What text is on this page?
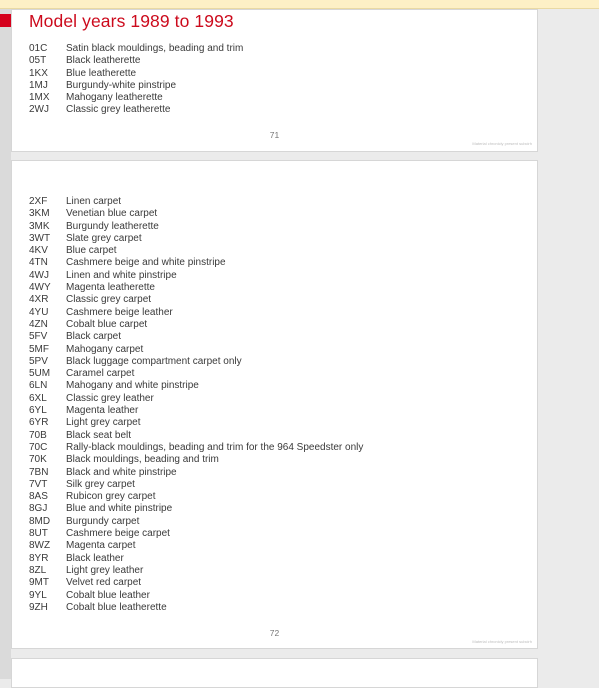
Model years 1989 to 1993
01C Satin black mouldings, beading and trim
05T Black leatherette
1KX Blue leatherette
1MJ Burgundy-white pinstripe
1MX Mahogany leatherette
2WJ Classic grey leatherette
71
Material chronicly present subcirh
2XF Linen carpet
3KM Venetian blue carpet
3MK Burgundy leatherette
3WT Slate grey carpet
4KV Blue carpet
4TN Cashmere beige and white pinstripe
4WJ Linen and white pinstripe
4WY Magenta leatherette
4XR Classic grey carpet
4YU Cashmere beige leather
4ZN Cobalt blue carpet
5FV Black carpet
5MF Mahogany carpet
5PV Black luggage compartment carpet only
5UM Caramel carpet
6LN Mahogany and white pinstripe
6XL Classic grey leather
6YL Magenta leather
6YR Light grey carpet
70B Black seat belt
70C Rally-black mouldings, beading and trim for the 964 Speedster only
70K Black mouldings, beading and trim
7BN Black and white pinstripe
7VT Silk grey carpet
8AS Rubicon grey carpet
8GJ Blue and white pinstripe
8MD Burgundy carpet
8UT Cashmere beige carpet
8WZ Magenta carpet
8YR Black leather
8ZL Light grey leather
9MT Velvet red carpet
9YL Cobalt blue leather
9ZH Cobalt blue leatherette
72
Material chronicly present subcirh
